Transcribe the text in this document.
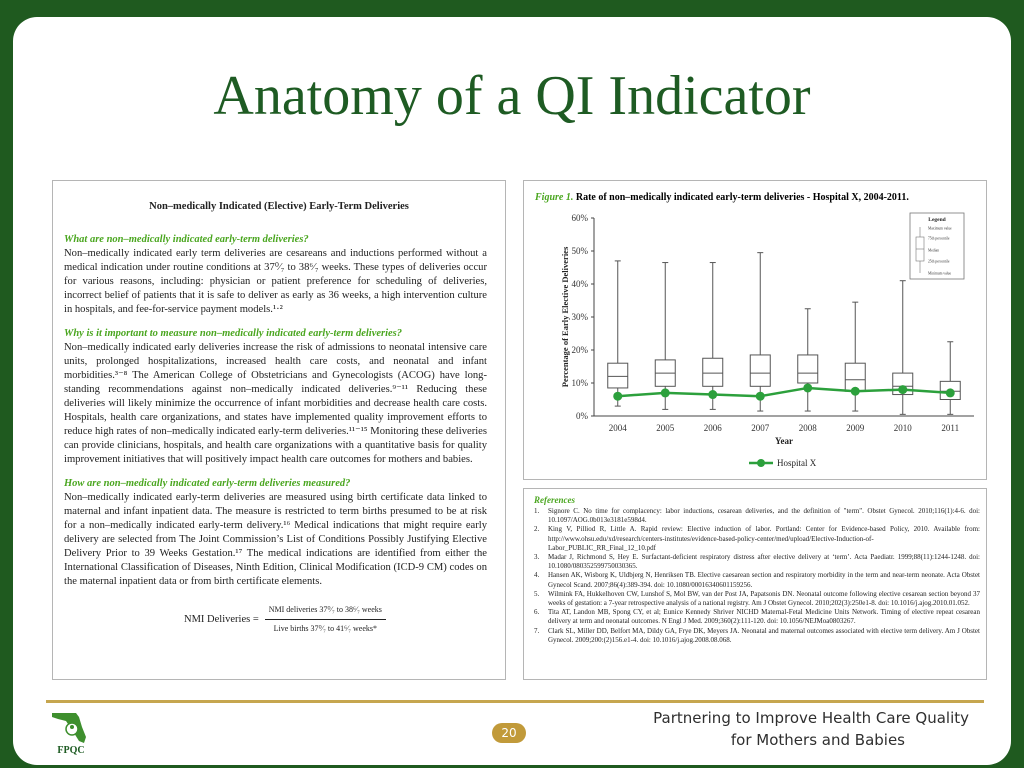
Anatomy of a QI Indicator
Non–medically Indicated (Elective) Early-Term Deliveries
What are non–medically indicated early-term deliveries?
Non–medically indicated early term deliveries are cesareans and inductions performed without a medical indication under routine conditions at 37⁰⁄₇ to 38⁶⁄₇ weeks. These types of deliveries occur for various reasons, including: physician or patient preference for scheduling of deliveries, incorrect belief of patients that it is safe to deliver as early as 36 weeks, a high intervention culture in hospitals, and fee-for-service payment models.¹·²
Why is it important to measure non–medically indicated early-term deliveries?
Non–medically indicated early deliveries increase the risk of admissions to neonatal intensive care units, prolonged hospitalizations, increased health care costs, and neonatal and infant morbidities.³⁻⁸ The American College of Obstetricians and Gynecologists (ACOG) have long-standing recommendations against non–medically indicated deliveries.⁹⁻¹¹ Reducing these deliveries will likely minimize the occurrence of infant morbidities and decrease health care costs. Hospitals, health care organizations, and states have implemented quality improvement efforts to reduce high rates of non–medically indicated early-term deliveries.¹¹⁻¹⁵ Monitoring these deliveries can provide clinicians, hospitals, and health care organizations with a quantitative basis for quality improvement initiatives that will positively impact health care outcomes for mothers and babies.
How are non–medically indicated early-term deliveries measured?
Non–medically indicated early-term deliveries are measured using birth certificate data linked to maternal and infant inpatient data. The measure is restricted to term births presumed to be at risk for a non–medically indicated early-term delivery.¹⁶ Medical indications that might require early delivery are selected from The Joint Commission’s List of Conditions Possibly Justifying Elective Delivery Prior to 39 Weeks Gestation.¹⁷ The medical indications are identified from either the International Classification of Diseases, Ninth Edition, Clinical Modification (ICD-9 CM) codes on the maternal inpatient data or from birth certificate elements.
NMI Deliveries = $\frac{\text{NMI deliveries 37⁰⁄₇ to 38⁶⁄₇ weeks}}{\text{Live births 37⁰⁄₇ to 41⁶⁄₇ weeks*}}$
Figure 1. Rate of non–medically indicated early-term deliveries - Hospital X, 2004-2011.
0%
10%
20%
30%
40%
50%
60%
2004	2005	2006	2007	2008	2009	2010	2011
Year
Percentage of Early Elective Deliveries
Hospital X
Legend
Maximum value
75th percentile
Median
25th percentile
Minimum value
References
1.	Signore C. No time for complacency: labor inductions, cesarean deliveries, and the definition of "term". Obstet Gynecol. 2010;116(1):4-6. doi: 10.1097/AOG.0b013e3181e598d4.
2.	King V, Pilliod R, Little A. Rapid review: Elective induction of labor. Portland: Center for Evidence-based Policy, 2010. Available from: http://www.ohsu.edu/xd/research/centers-institutes/evidence-based-policy-center/med/upload/Elective-Induction-of-Labor_PUBLIC_RR_Final_12_10.pdf
3.	Madar J, Richmond S, Hey E. Surfactant-deficient respiratory distress after elective delivery at ‘term’. Acta Paediatr. 1999;88(11):1244-1248. doi: 10.1080/080352599750030365.
4.	Hansen AK, Wisborg K, Uldbjerg N, Henriksen TB. Elective caesarean section and respiratory morbidity in the term and near-term neonate. Acta Obstet Gynecol Scand. 2007;86(4):389-394. doi: 10.1080/00016340601159256.
5.	Wilmink FA, Hukkelhoven CW, Lunshof S, Mol BW, van der Post JA, Papatsonis DN. Neonatal outcome following elective cesarean section beyond 37 weeks of gestation: a 7-year retrospective analysis of a national registry. Am J Obstet Gynecol. 2010;202(3):250e1-8. doi: 10.1016/j.ajog.2010.01.052.
6.	Tita AT, Landon MB, Spong CY, et al; Eunice Kennedy Shriver NICHD Maternal-Fetal Medicine Units Network. Timing of elective repeat cesarean delivery at term and neonatal outcomes. N Engl J Med. 2009;360(2):111-120. doi: 10.1056/NEJMoa0803267.
7.	Clark SL, Miller DD, Belfort MA, Dildy GA, Frye DK, Meyers JA. Neonatal and maternal outcomes associated with elective term delivery. Am J Obstet Gynecol. 2009;200:(2)156.e1-4. doi: 10.1016/j.ajog.2008.08.068.
FPQC
20
Partnering to Improve Health Care Quality
for Mothers and Babies
